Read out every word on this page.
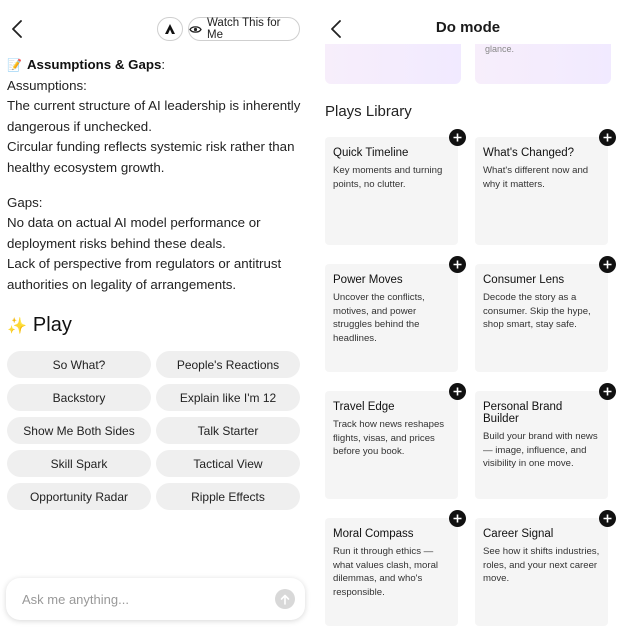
Watch This for Me
📝 Assumptions & Gaps:
Assumptions:
The current structure of AI leadership is inherently dangerous if unchecked.
Circular funding reflects systemic risk rather than healthy ecosystem growth.
Gaps:
No data on actual AI model performance or deployment risks behind these deals.
Lack of perspective from regulators or antitrust authorities on legality of arrangements.
✨ Play
So What?	People's Reactions
Backstory	Explain like I'm 12
Show Me Both Sides	Talk Starter
Skill Spark	Tactical View
Opportunity Radar	Ripple Effects
Ask me anything...
Do mode
glance.
Plays Library
Quick Timeline
Key moments and turning points, no clutter.
What's Changed?
What's different now and why it matters.
Power Moves
Uncover the conflicts, motives, and power struggles behind the headlines.
Consumer Lens
Decode the story as a consumer. Skip the hype, shop smart, stay safe.
Travel Edge
Track how news reshapes flights, visas, and prices before you book.
Personal Brand Builder
Build your brand with news — image, influence, and visibility in one move.
Moral Compass
Run it through ethics — what values clash, moral dilemmas, and who's responsible.
Career Signal
See how it shifts industries, roles, and your next career move.
